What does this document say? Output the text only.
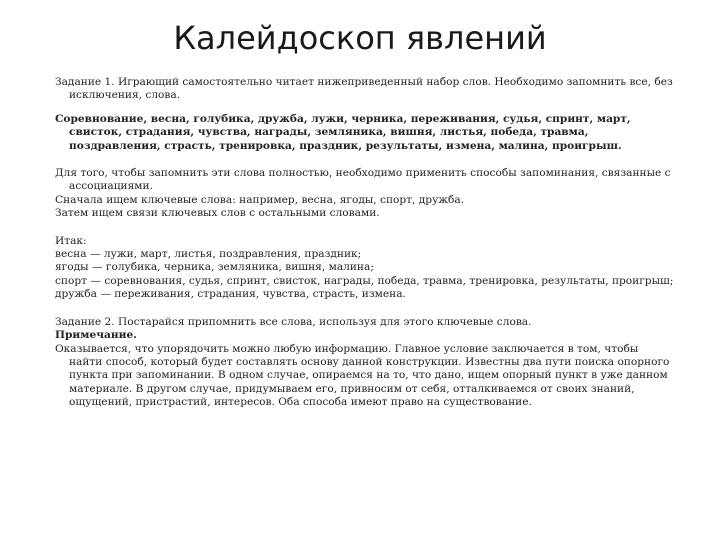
Калейдоскоп явлений

Задание 1. Играющий самостоятельно читает нижеприведенный набор слов. Необходимо запомнить все, без исключения, слова.

Соревнование, весна, голубика, дружба, лужи, черника, переживания, судья, спринт, март, свисток, страдания, чувства, награды, земляника, вишня, листья, победа, травма, поздравления, страсть, тренировка, праздник, результаты, измена, малина, проигрыш.

Для того, чтобы запомнить эти слова полностью, необходимо применить способы запоминания, связанные с ассоциациями.

Сначала ищем ключевые слова: например, весна, ягоды, спорт, дружба.

Затем ищем связи ключевых слов с остальными словами.

Итак:

весна — лужи, март, листья, поздравления, праздник;

ягоды — голубика, черника, земляника, вишня, малина;

спорт — соревнования, судья, спринт, свисток, награды, победа, травма, тренировка, результаты, проигрыш;

дружба — переживания, страдания, чувства, страсть, измена.

Задание 2. Постарайся припомнить все слова, используя для этого ключевые слова.

Примечание.

Оказывается, что упорядочить можно любую информацию. Главное условие заключается в том, чтобы найти способ, который будет составлять основу данной конструкции. Известны два пути поиска опорного пункта при запоминании. В одном случае, опираемся на то, что дано, ищем опорный пункт в уже данном материале. В другом случае, придумываем его, привносим от себя, отталкиваемся от своих знаний, ощущений, пристрастий, интересов. Оба способа имеют право на существование.
